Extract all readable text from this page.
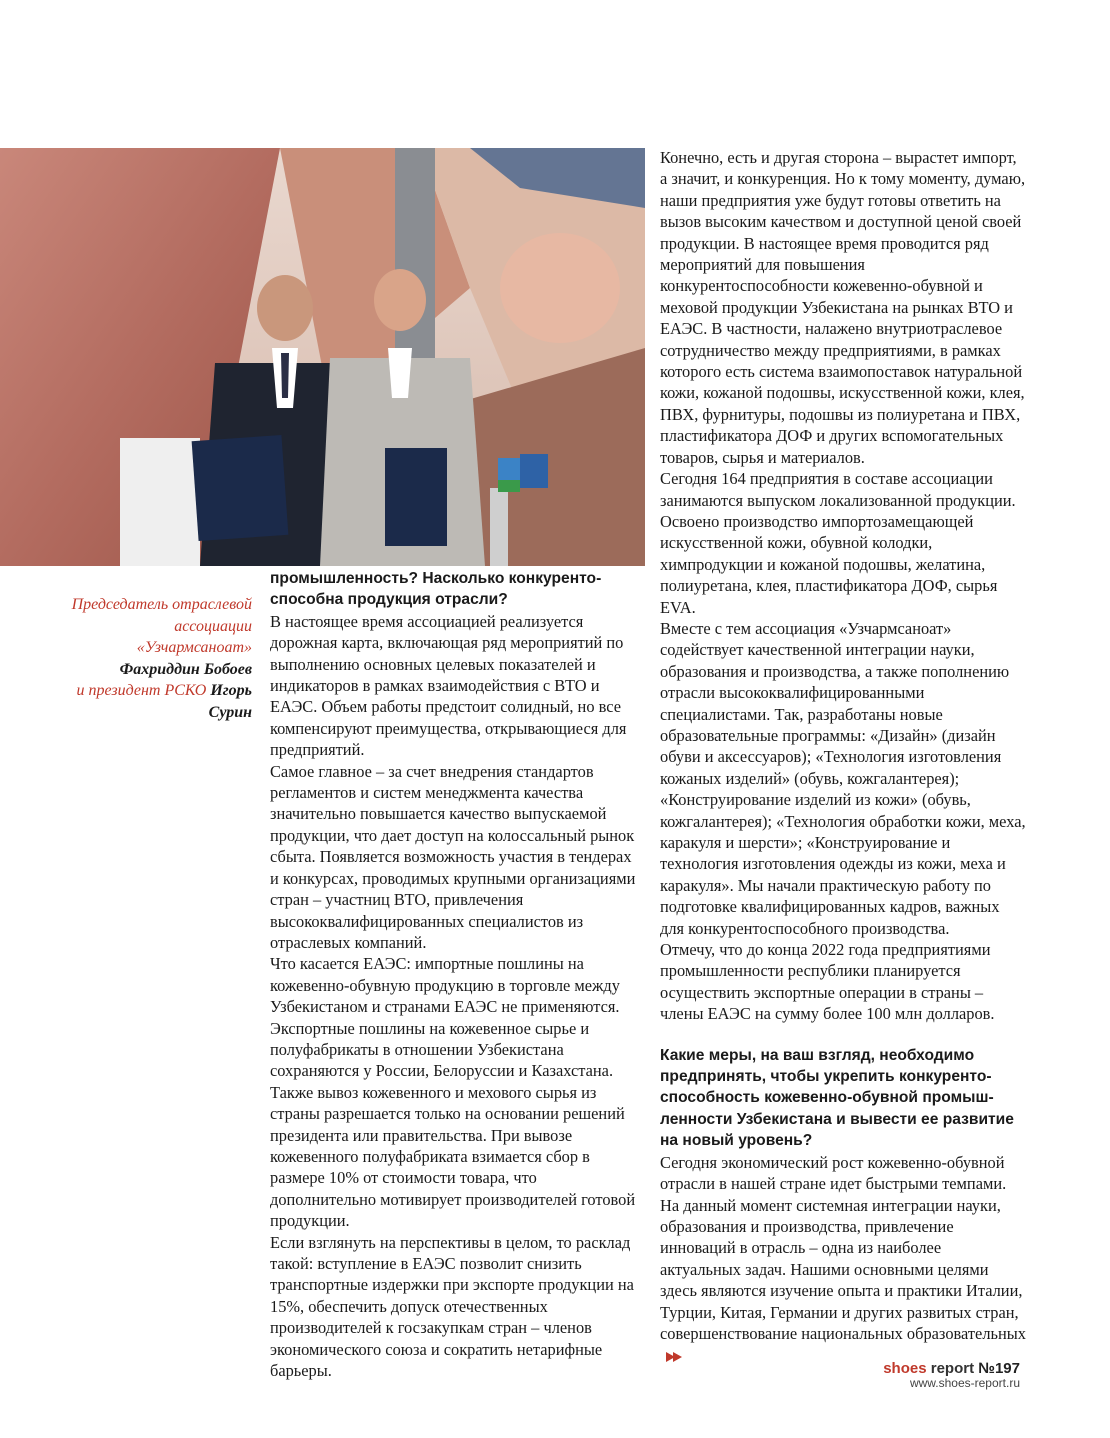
Председатель отраслевой
ассоциации
«Узчармсаноат»
Фахриддин Бобоев
и президент РСКО Игорь
Сурин

промышленность? Насколько конкурентоспособна продукция отрасли?

В настоящее время ассоциацией реализуется дорожная карта, включающая ряд мероприятий по выполнению основных целевых показателей и индикаторов в рамках взаимодействия с ВТО и ЕАЭС. Объем работы предстоит солидный, но все компенсируют преимущества, открывающиеся для предприятий.

Самое главное – за счет внедрения стандартов регламентов и систем менеджмента качества значительно повышается качество выпускаемой продукции, что дает доступ на колоссальный рынок сбыта. Появляется возможность участия в тендерах и конкурсах, проводимых крупными организациями стран – участниц ВТО, привлечения высококвалифицированных специалистов из отраслевых компаний.

Что касается ЕАЭС: импортные пошлины на кожевенно-обувную продукцию в торговле между Узбекистаном и странами ЕАЭС не применяются. Экспортные пошлины на кожевенное сырье и полуфабрикаты в отношении Узбекистана сохраняются у России, Белоруссии и Казахстана. Также вывоз кожевенного и мехового сырья из страны разрешается только на основании решений президента или правительства. При вывозе кожевенного полуфабриката взимается сбор в размере 10% от стоимости товара, что дополнительно мотивирует производителей готовой продукции.

Если взглянуть на перспективы в целом, то расклад такой: вступление в ЕАЭС позволит снизить транспортные издержки при экспорте продукции на 15%, обеспечить допуск отечественных производителей к госзакупкам стран – членов экономического союза и сократить нетарифные барьеры.

Конечно, есть и другая сторона – вырастет импорт, а значит, и конкуренция. Но к тому моменту, думаю, наши предприятия уже будут готовы ответить на вызов высоким качеством и доступной ценой своей продукции. В настоящее время проводится ряд мероприятий для повышения конкурентоспособности кожевенно-обувной и меховой продукции Узбекистана на рынках ВТО и ЕАЭС. В частности, налажено внутриотраслевое сотрудничество между предприятиями, в рамках которого есть система взаимопоставок натуральной кожи, кожаной подошвы, искусственной кожи, клея, ПВХ, фурнитуры, подошвы из полиуретана и ПВХ, пластификатора ДОФ и других вспомогательных товаров, сырья и материалов.

Сегодня 164 предприятия в составе ассоциации занимаются выпуском локализованной продукции. Освоено производство импортозамещающей искусственной кожи, обувной колодки, химпродукции и кожаной подошвы, желатина, полиуретана, клея, пластификатора ДОФ, сырья EVA.

Вместе с тем ассоциация «Узчармсаноат» содействует качественной интеграции науки, образования и производства, а также пополнению отрасли высококвалифицированными специалистами. Так, разработаны новые образовательные программы: «Дизайн» (дизайн обуви и аксессуаров); «Технология изготовления кожаных изделий» (обувь, кожгалантерея); «Конструирование изделий из кожи» (обувь, кожгалантерея); «Технология обработки кожи, меха, каракуля и шерсти»; «Конструирование и технология изготовления одежды из кожи, меха и каракуля». Мы начали практическую работу по подготовке квалифицированных кадров, важных для конкурентоспособного производства.

Отмечу, что до конца 2022 года предприятиями промышленности республики планируется осуществить экспортные операции в страны – члены ЕАЭС на сумму более 100 млн долларов.

Какие меры, на ваш взгляд, необходимо предпринять, чтобы укрепить конкурентоспособность кожевенно-обувной промышленности Узбекистана и вывести ее развитие на новый уровень?

Сегодня экономический рост кожевенно-обувной отрасли в нашей стране идет быстрыми темпами. На данный момент системная интеграции науки, образования и производства, привлечение инноваций в отрасль – одна из наиболее актуальных задач. Нашими основными целями здесь являются изучение опыта и практики Италии, Турции, Китая, Германии и других развитых стран, совершенствование национальных образовательных

shoes report №197
www.shoes-report.ru
